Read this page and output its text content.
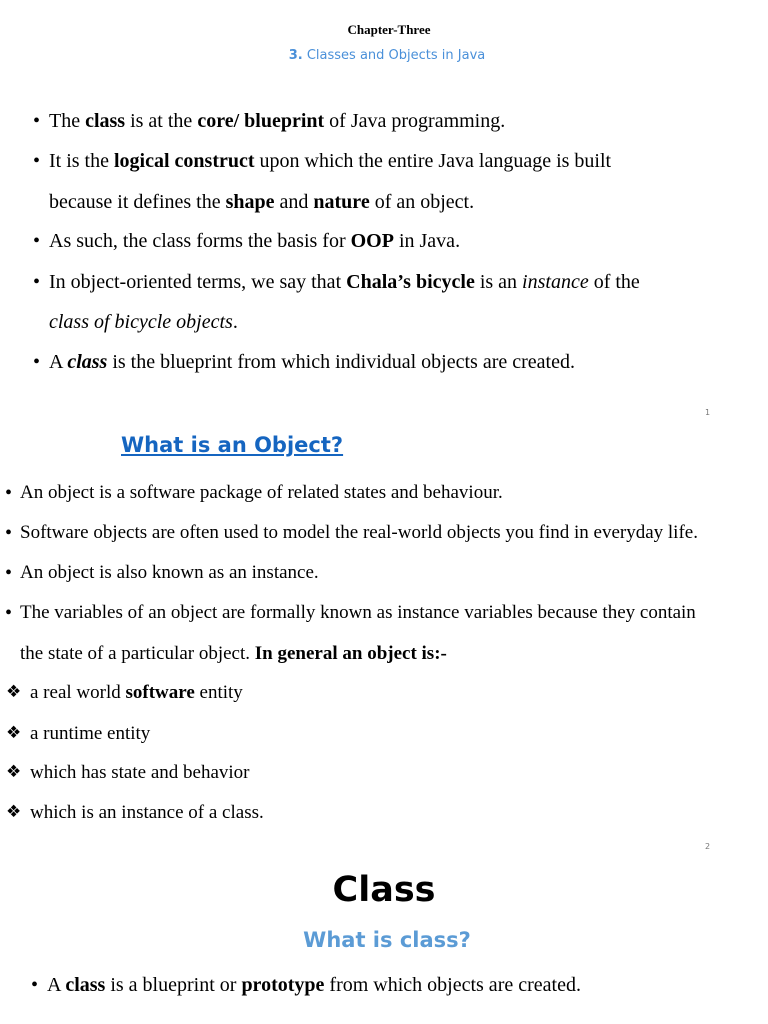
Chapter-Three
3. Classes and Objects in Java
• The class is at the core/ blueprint of Java programming.
• It is the logical construct upon which the entire Java language is built
because it defines the shape and nature of an object.
• As such, the class forms the basis for OOP in Java.
• In object-oriented terms, we say that Chala’s bicycle is an instance of the
class of bicycle objects.
• A class is the blueprint from which individual objects are created.
1
What is an Object?
• An object is a software package of related states and behaviour.
• Software objects are often used to model the real-world objects you find in everyday life.
• An object is also known as an instance.
• The variables of an object are formally known as instance variables because they contain
the state of a particular object. In general an object is:-
❖ a real world software entity
❖ a runtime entity
❖ which has state and behavior
❖ which is an instance of a class.
2
Class
What is class?
• A class is a blueprint or prototype from which objects are created.
